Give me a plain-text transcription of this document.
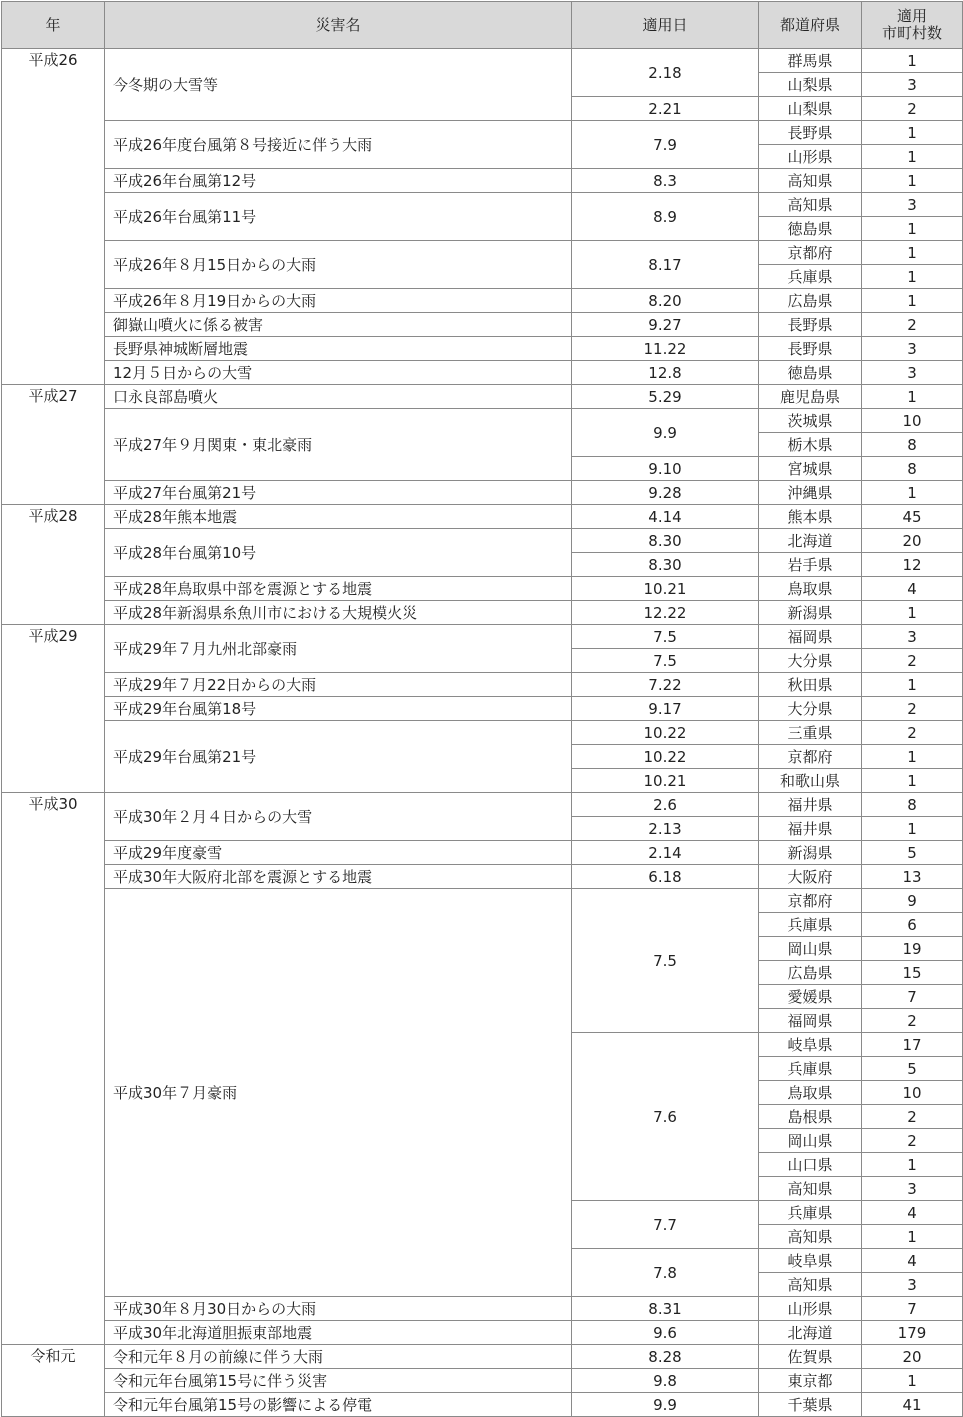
年	災害名	適用日	都道府県	適用
市町村数
平成26	今冬期の大雪等	2.18	群馬県	1
			山梨県	3
		2.21	山梨県	2
	平成26年度台風第８号接近に伴う大雨	7.9	長野県	1
			山形県	1
	平成26年台風第12号	8.3	高知県	1
	平成26年台風第11号	8.9	高知県	3
			徳島県	1
	平成26年８月15日からの大雨	8.17	京都府	1
			兵庫県	1
	平成26年８月19日からの大雨	8.20	広島県	1
	御嶽山噴火に係る被害	9.27	長野県	2
	長野県神城断層地震	11.22	長野県	3
	12月５日からの大雪	12.8	徳島県	3
平成27	口永良部島噴火	5.29	鹿児島県	1
	平成27年９月関東・東北豪雨	9.9	茨城県	10
			栃木県	8
		9.10	宮城県	8
	平成27年台風第21号	9.28	沖縄県	1
平成28	平成28年熊本地震	4.14	熊本県	45
	平成28年台風第10号	8.30	北海道	20
		8.30	岩手県	12
	平成28年鳥取県中部を震源とする地震	10.21	鳥取県	4
	平成28年新潟県糸魚川市における大規模火災	12.22	新潟県	1
平成29	平成29年７月九州北部豪雨	7.5	福岡県	3
		7.5	大分県	2
	平成29年７月22日からの大雨	7.22	秋田県	1
	平成29年台風第18号	9.17	大分県	2
	平成29年台風第21号	10.22	三重県	2
		10.22	京都府	1
		10.21	和歌山県	1
平成30	平成30年２月４日からの大雪	2.6	福井県	8
		2.13	福井県	1
	平成29年度豪雪	2.14	新潟県	5
	平成30年大阪府北部を震源とする地震	6.18	大阪府	13
	平成30年７月豪雨	7.5	京都府	9
			兵庫県	6
			岡山県	19
			広島県	15
			愛媛県	7
			福岡県	2
		7.6	岐阜県	17
			兵庫県	5
			鳥取県	10
			島根県	2
			岡山県	2
			山口県	1
			高知県	3
		7.7	兵庫県	4
			高知県	1
		7.8	岐阜県	4
			高知県	3
	平成30年８月30日からの大雨	8.31	山形県	7
	平成30年北海道胆振東部地震	9.6	北海道	179
令和元	令和元年８月の前線に伴う大雨	8.28	佐賀県	20
	令和元年台風第15号に伴う災害	9.8	東京都	1
	令和元年台風第15号の影響による停電	9.9	千葉県	41
